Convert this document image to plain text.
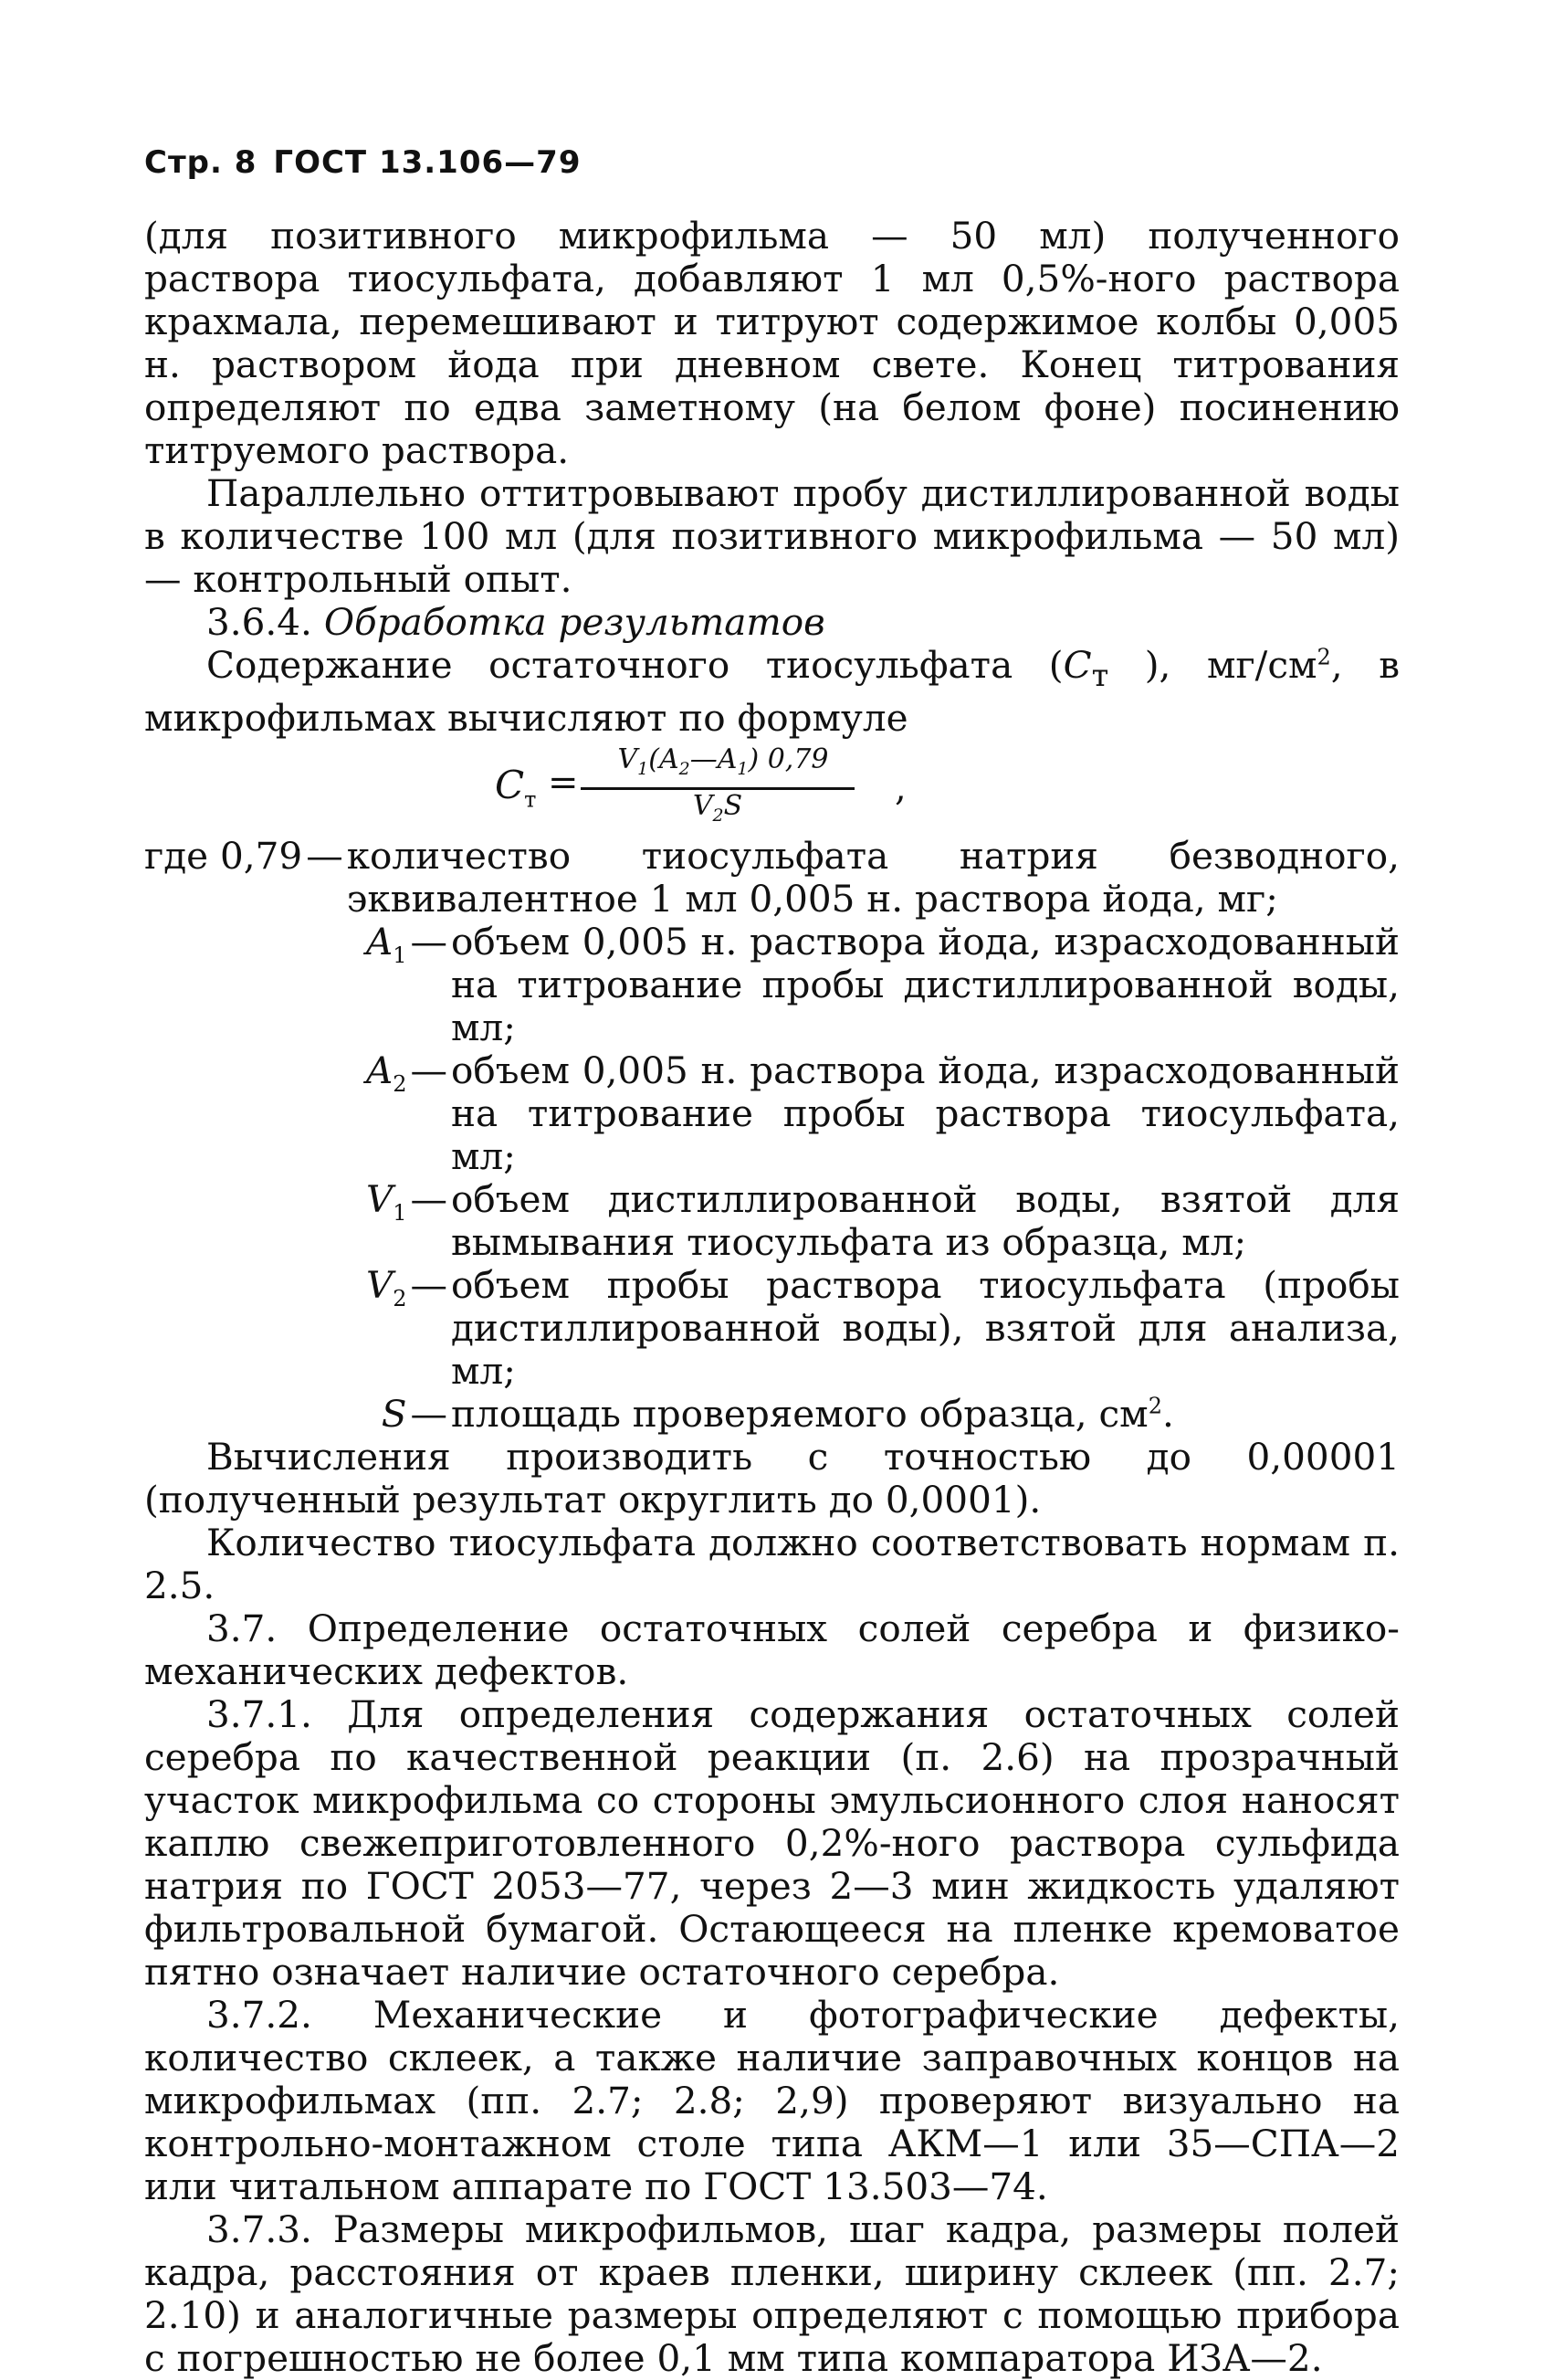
Стр. 8 ГОСТ 13.106—79

(для позитивного микрофильма — 50 мл) полученного раствора тиосульфата, добавляют 1 мл 0,5%-ного раствора крахмала, перемешивают и титруют содержимое колбы 0,005 н. раствором йода при дневном свете. Конец титрования определяют по едва заметному (на белом фоне) посинению титруемого раствора.

Параллельно оттитровывают пробу дистиллированной воды в количестве 100 мл (для позитивного микрофильма — 50 мл) — контрольный опыт.

3.6.4. Обработка результатов

Содержание остаточного тиосульфата ($C_т$ ), $мг/см^2$, в микрофильмах вычисляют по формуле

$C_т$ =
$V_1(A_2—A_1)$ 0,79
$V_2S$	,
где
0,79— количество тиосульфата натрия безводного, эквивалентное 1 мл 0,005 н. раствора йода, мг;
$A_1—$ объем 0,005 н. раствора йода, израсходованный на титрование пробы дистиллированной воды, мл;
$A_2—$ объем 0,005 н. раствора йода, израсходованный на титрование пробы раствора тиосульфата, мл;
$V_1—$ объем дистиллированной воды, взятой для вымывания тиосульфата из образца, мл;
$V_2—$ объем пробы раствора тиосульфата (пробы дистиллированной воды), взятой для анализа, мл;
S— площадь проверяемого образца, $см^2$.

Вычисления производить с точностью до 0,00001 (полученный результат округлить до 0,0001).

Количество тиосульфата должно соответствовать нормам п. 2.5.

3.7. Определение остаточных солей серебра и физико-механических дефектов.

3.7.1. Для определения содержания остаточных солей серебра по качественной реакции (п. 2.6) на прозрачный участок микрофильма со стороны эмульсионного слоя наносят каплю свежеприготовленного 0,2%-ного раствора сульфида натрия по ГОСТ 2053—77, через 2—3 мин жидкость удаляют фильтровальной бумагой. Остающееся на пленке кремоватое пятно означает наличие остаточного серебра.

3.7.2. Механические и фотографические дефекты, количество склеек, а также наличие заправочных концов на микрофильмах (пп. 2.7; 2.8; 2,9) проверяют визуально на контрольно-монтажном столе типа АКМ—1 или 35—СПА—2 или читальном аппарате по ГОСТ 13.503—74.

3.7.3. Размеры микрофильмов, шаг кадра, размеры полей кадра, расстояния от краев пленки, ширину склеек (пп. 2.7; 2.10) и аналогичные размеры определяют с помощью прибора с погрешностью не более 0,1 мм типа компаратора ИЗА—2.
